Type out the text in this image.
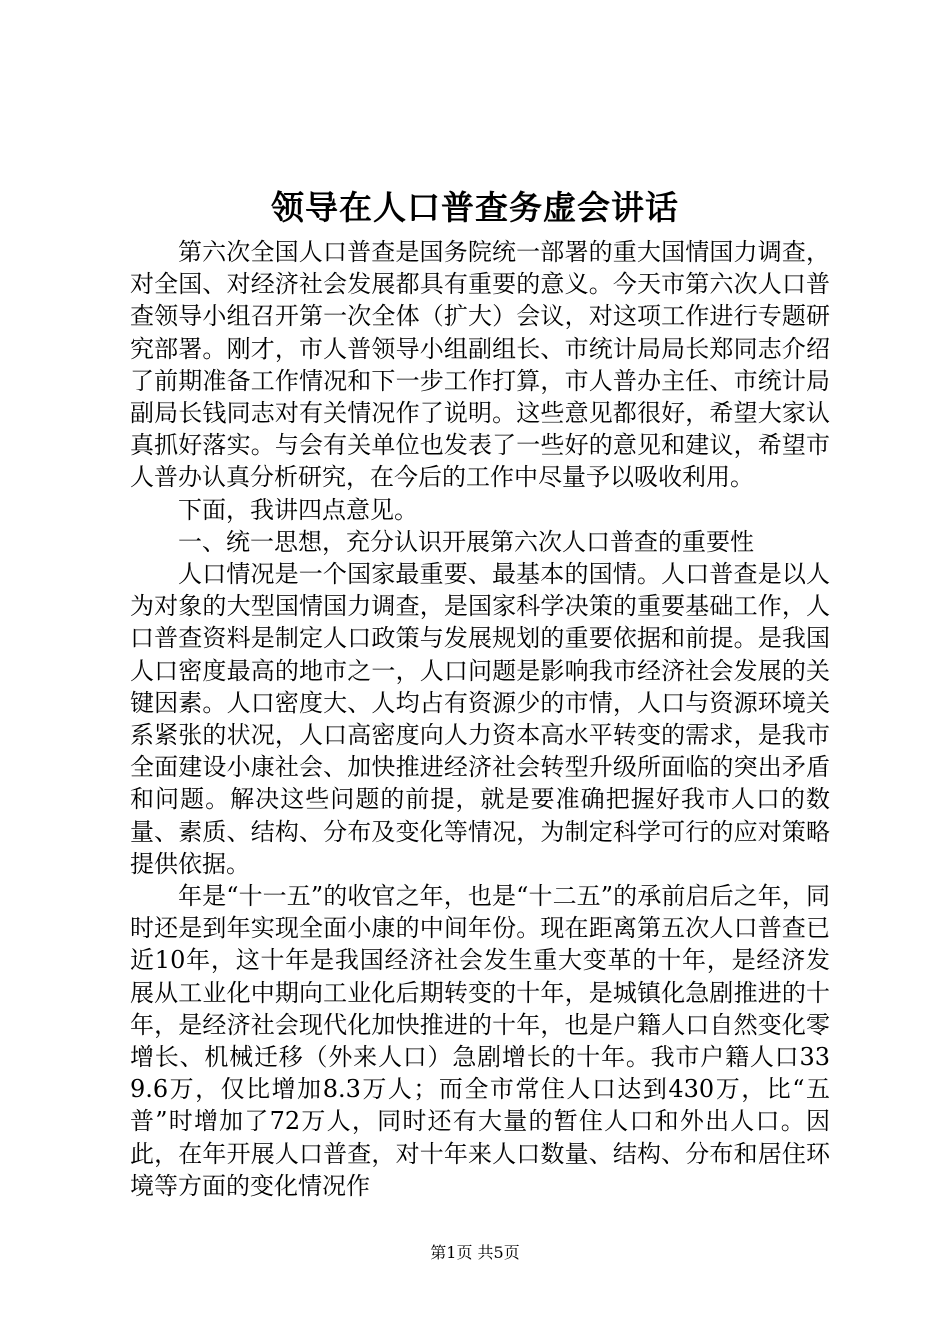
领导在人口普查务虚会讲话

第六次全国人口普查是国务院统一部署的重大国情国力调查，对全国、对经济社会发展都具有重要的意义。今天市第六次人口普查领导小组召开第一次全体（扩大）会议，对这项工作进行专题研究部署。刚才，市人普领导小组副组长、市统计局局长郑同志介绍了前期准备工作情况和下一步工作打算，市人普办主任、市统计局副局长钱同志对有关情况作了说明。这些意见都很好，希望大家认真抓好落实。与会有关单位也发表了一些好的意见和建议，希望市人普办认真分析研究，在今后的工作中尽量予以吸收利用。

下面，我讲四点意见。

一、统一思想，充分认识开展第六次人口普查的重要性

人口情况是一个国家最重要、最基本的国情。人口普查是以人为对象的大型国情国力调查，是国家科学决策的重要基础工作，人口普查资料是制定人口政策与发展规划的重要依据和前提。是我国人口密度最高的地市之一，人口问题是影响我市经济社会发展的关键因素。人口密度大、人均占有资源少的市情，人口与资源环境关系紧张的状况，人口高密度向人力资本高水平转变的需求，是我市全面建设小康社会、加快推进经济社会转型升级所面临的突出矛盾和问题。解决这些问题的前提，就是要准确把握好我市人口的数量、素质、结构、分布及变化等情况，为制定科学可行的应对策略提供依据。

年是“十一五”的收官之年，也是“十二五”的承前启后之年，同时还是到年实现全面小康的中间年份。现在距离第五次人口普查已近10年，这十年是我国经济社会发生重大变革的十年，是经济发展从工业化中期向工业化后期转变的十年，是城镇化急剧推进的十年，是经济社会现代化加快推进的十年，也是户籍人口自然变化零增长、机械迁移（外来人口）急剧增长的十年。我市户籍人口339.6万，仅比增加8.3万人；而全市常住人口达到430万，比“五普”时增加了72万人，同时还有大量的暂住人口和外出人口。因此，在年开展人口普查，对十年来人口数量、结构、分布和居住环境等方面的变化情况作

第1页 共5页
